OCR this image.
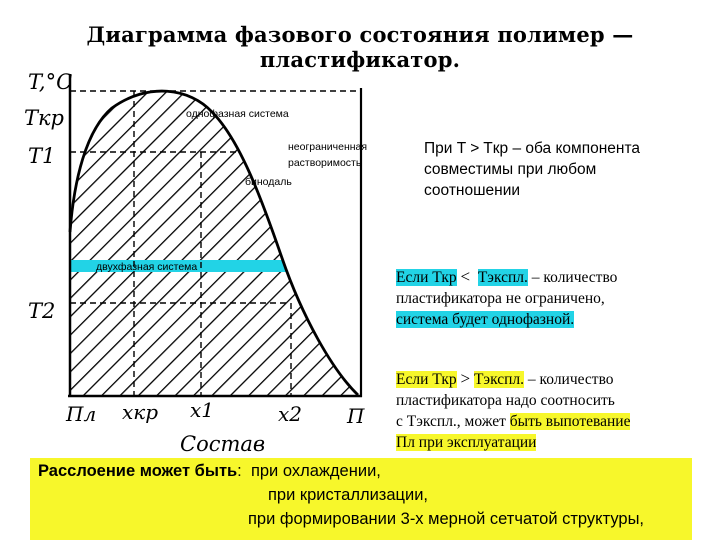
Диаграмма фазового состояния полимер — пластификатор.
T,°C
Tкр
T1
T2
Пл xкр x1	x2 П
Состав
однофазная система
неограниченная
растворимость
бинодаль
двухфазная система
При T > Tкр – оба компонента
совместимы при любом
соотношении
Если Ткр < Тэкспл. – количество
пластификатора не ограничено,
система будет однофазной.
Если Ткр > Тэкспл. – количество
пластификатора надо соотносить
с Тэкспл., может быть выпотевание
Пл при эксплуатации
Расслоение может быть: при охлаждении,
при кристаллизации,
при формировании 3-х мерной сетчатой структуры,
